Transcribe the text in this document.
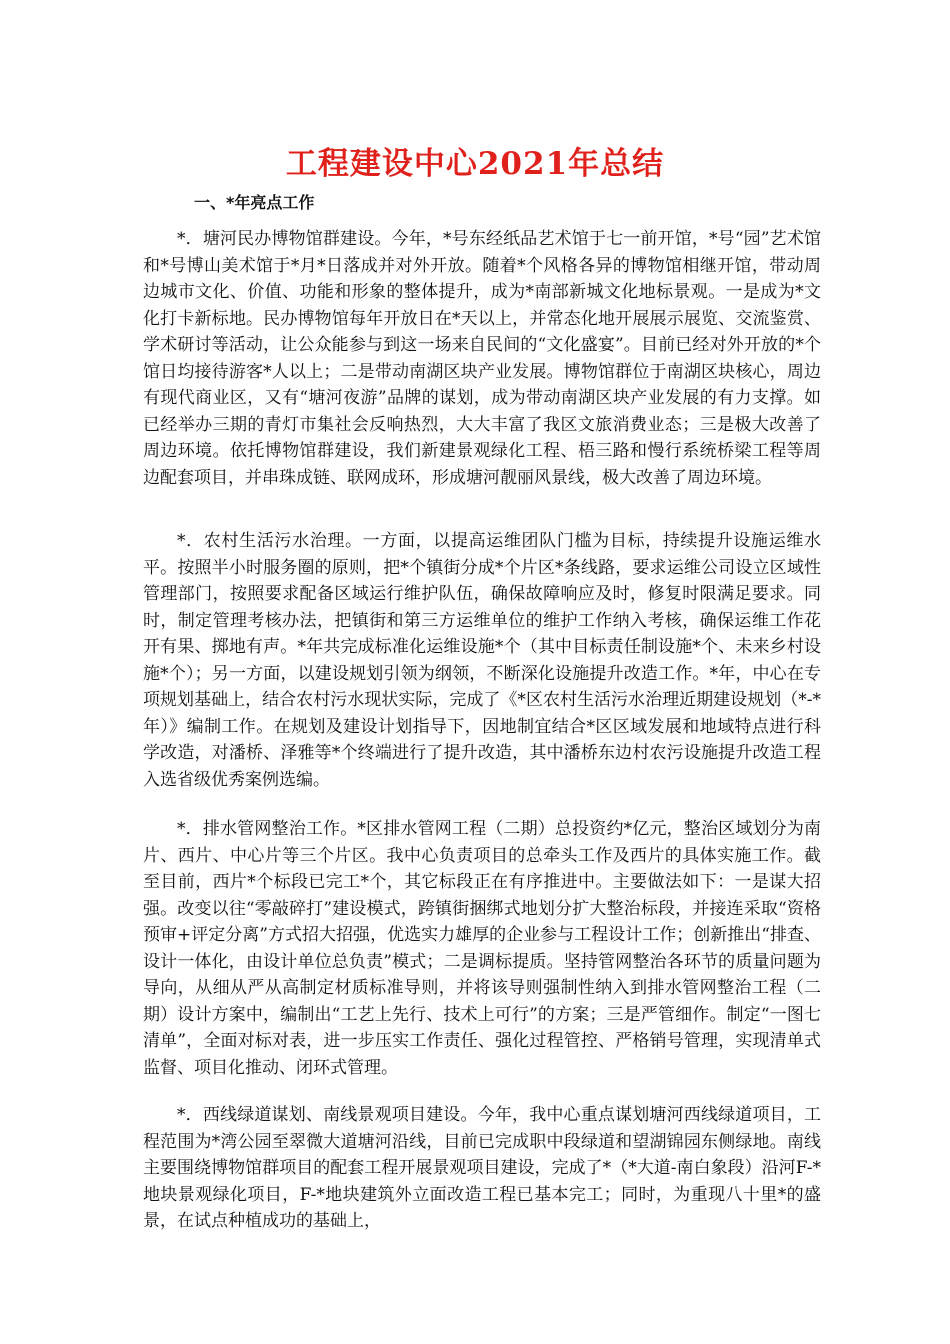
工程建设中心2021年总结
一、*年亮点工作

*．塘河民办博物馆群建设。今年，*号东经纸品艺术馆于七一前开馆，*号“园”艺术馆和*号博山美术馆于*月*日落成并对外开放。随着*个风格各异的博物馆相继开馆，带动周边城市文化、价值、功能和形象的整体提升，成为*南部新城文化地标景观。一是成为*文化打卡新标地。民办博物馆每年开放日在*天以上，并常态化地开展展示展览、交流鉴赏、学术研讨等活动，让公众能参与到这一场来自民间的“文化盛宴”。目前已经对外开放的*个馆日均接待游客*人以上；二是带动南湖区块产业发展。博物馆群位于南湖区块核心，周边有现代商业区，又有“塘河夜游”品牌的谋划，成为带动南湖区块产业发展的有力支撑。如已经举办三期的青灯市集社会反响热烈，大大丰富了我区文旅消费业态；三是极大改善了周边环境。依托博物馆群建设，我们新建景观绿化工程、梧三路和慢行系统桥梁工程等周边配套项目，并串珠成链、联网成环，形成塘河靓丽风景线，极大改善了周边环境。

*．农村生活污水治理。一方面，以提高运维团队门槛为目标，持续提升设施运维水平。按照半小时服务圈的原则，把*个镇街分成*个片区*条线路，要求运维公司设立区域性管理部门，按照要求配备区域运行维护队伍，确保故障响应及时，修复时限满足要求。同时，制定管理考核办法，把镇街和第三方运维单位的维护工作纳入考核，确保运维工作花开有果、掷地有声。*年共完成标准化运维设施*个（其中目标责任制设施*个、未来乡村设施*个）；另一方面，以建设规划引领为纲领，不断深化设施提升改造工作。*年，中心在专项规划基础上，结合农村污水现状实际，完成了《*区农村生活污水治理近期建设规划（*-*年）》编制工作。在规划及建设计划指导下，因地制宜结合*区区域发展和地域特点进行科学改造，对潘桥、泽雅等*个终端进行了提升改造，其中潘桥东边村农污设施提升改造工程入选省级优秀案例选编。

*．排水管网整治工作。*区排水管网工程（二期）总投资约*亿元，整治区域划分为南片、西片、中心片等三个片区。我中心负责项目的总牵头工作及西片的具体实施工作。截至目前，西片*个标段已完工*个，其它标段正在有序推进中。主要做法如下：一是谋大招强。改变以往“零敲碎打”建设模式，跨镇街捆绑式地划分扩大整治标段，并接连采取“资格预审+评定分离”方式招大招强，优选实力雄厚的企业参与工程设计工作；创新推出“排查、设计一体化，由设计单位总负责”模式；二是调标提质。坚持管网整治各环节的质量问题为导向，从细从严从高制定材质标准导则，并将该导则强制性纳入到排水管网整治工程（二期）设计方案中，编制出“工艺上先行、技术上可行”的方案；三是严管细作。制定“一图七清单”，全面对标对表，进一步压实工作责任、强化过程管控、严格销号管理，实现清单式监督、项目化推动、闭环式管理。

*．西线绿道谋划、南线景观项目建设。今年，我中心重点谋划塘河西线绿道项目，工程范围为*湾公园至翠微大道塘河沿线，目前已完成职中段绿道和望湖锦园东侧绿地。南线主要围绕博物馆群项目的配套工程开展景观项目建设，完成了*（*大道-南白象段）沿河F-*地块景观绿化项目，F-*地块建筑外立面改造工程已基本完工；同时，为重现八十里*的盛景，在试点种植成功的基础上，
